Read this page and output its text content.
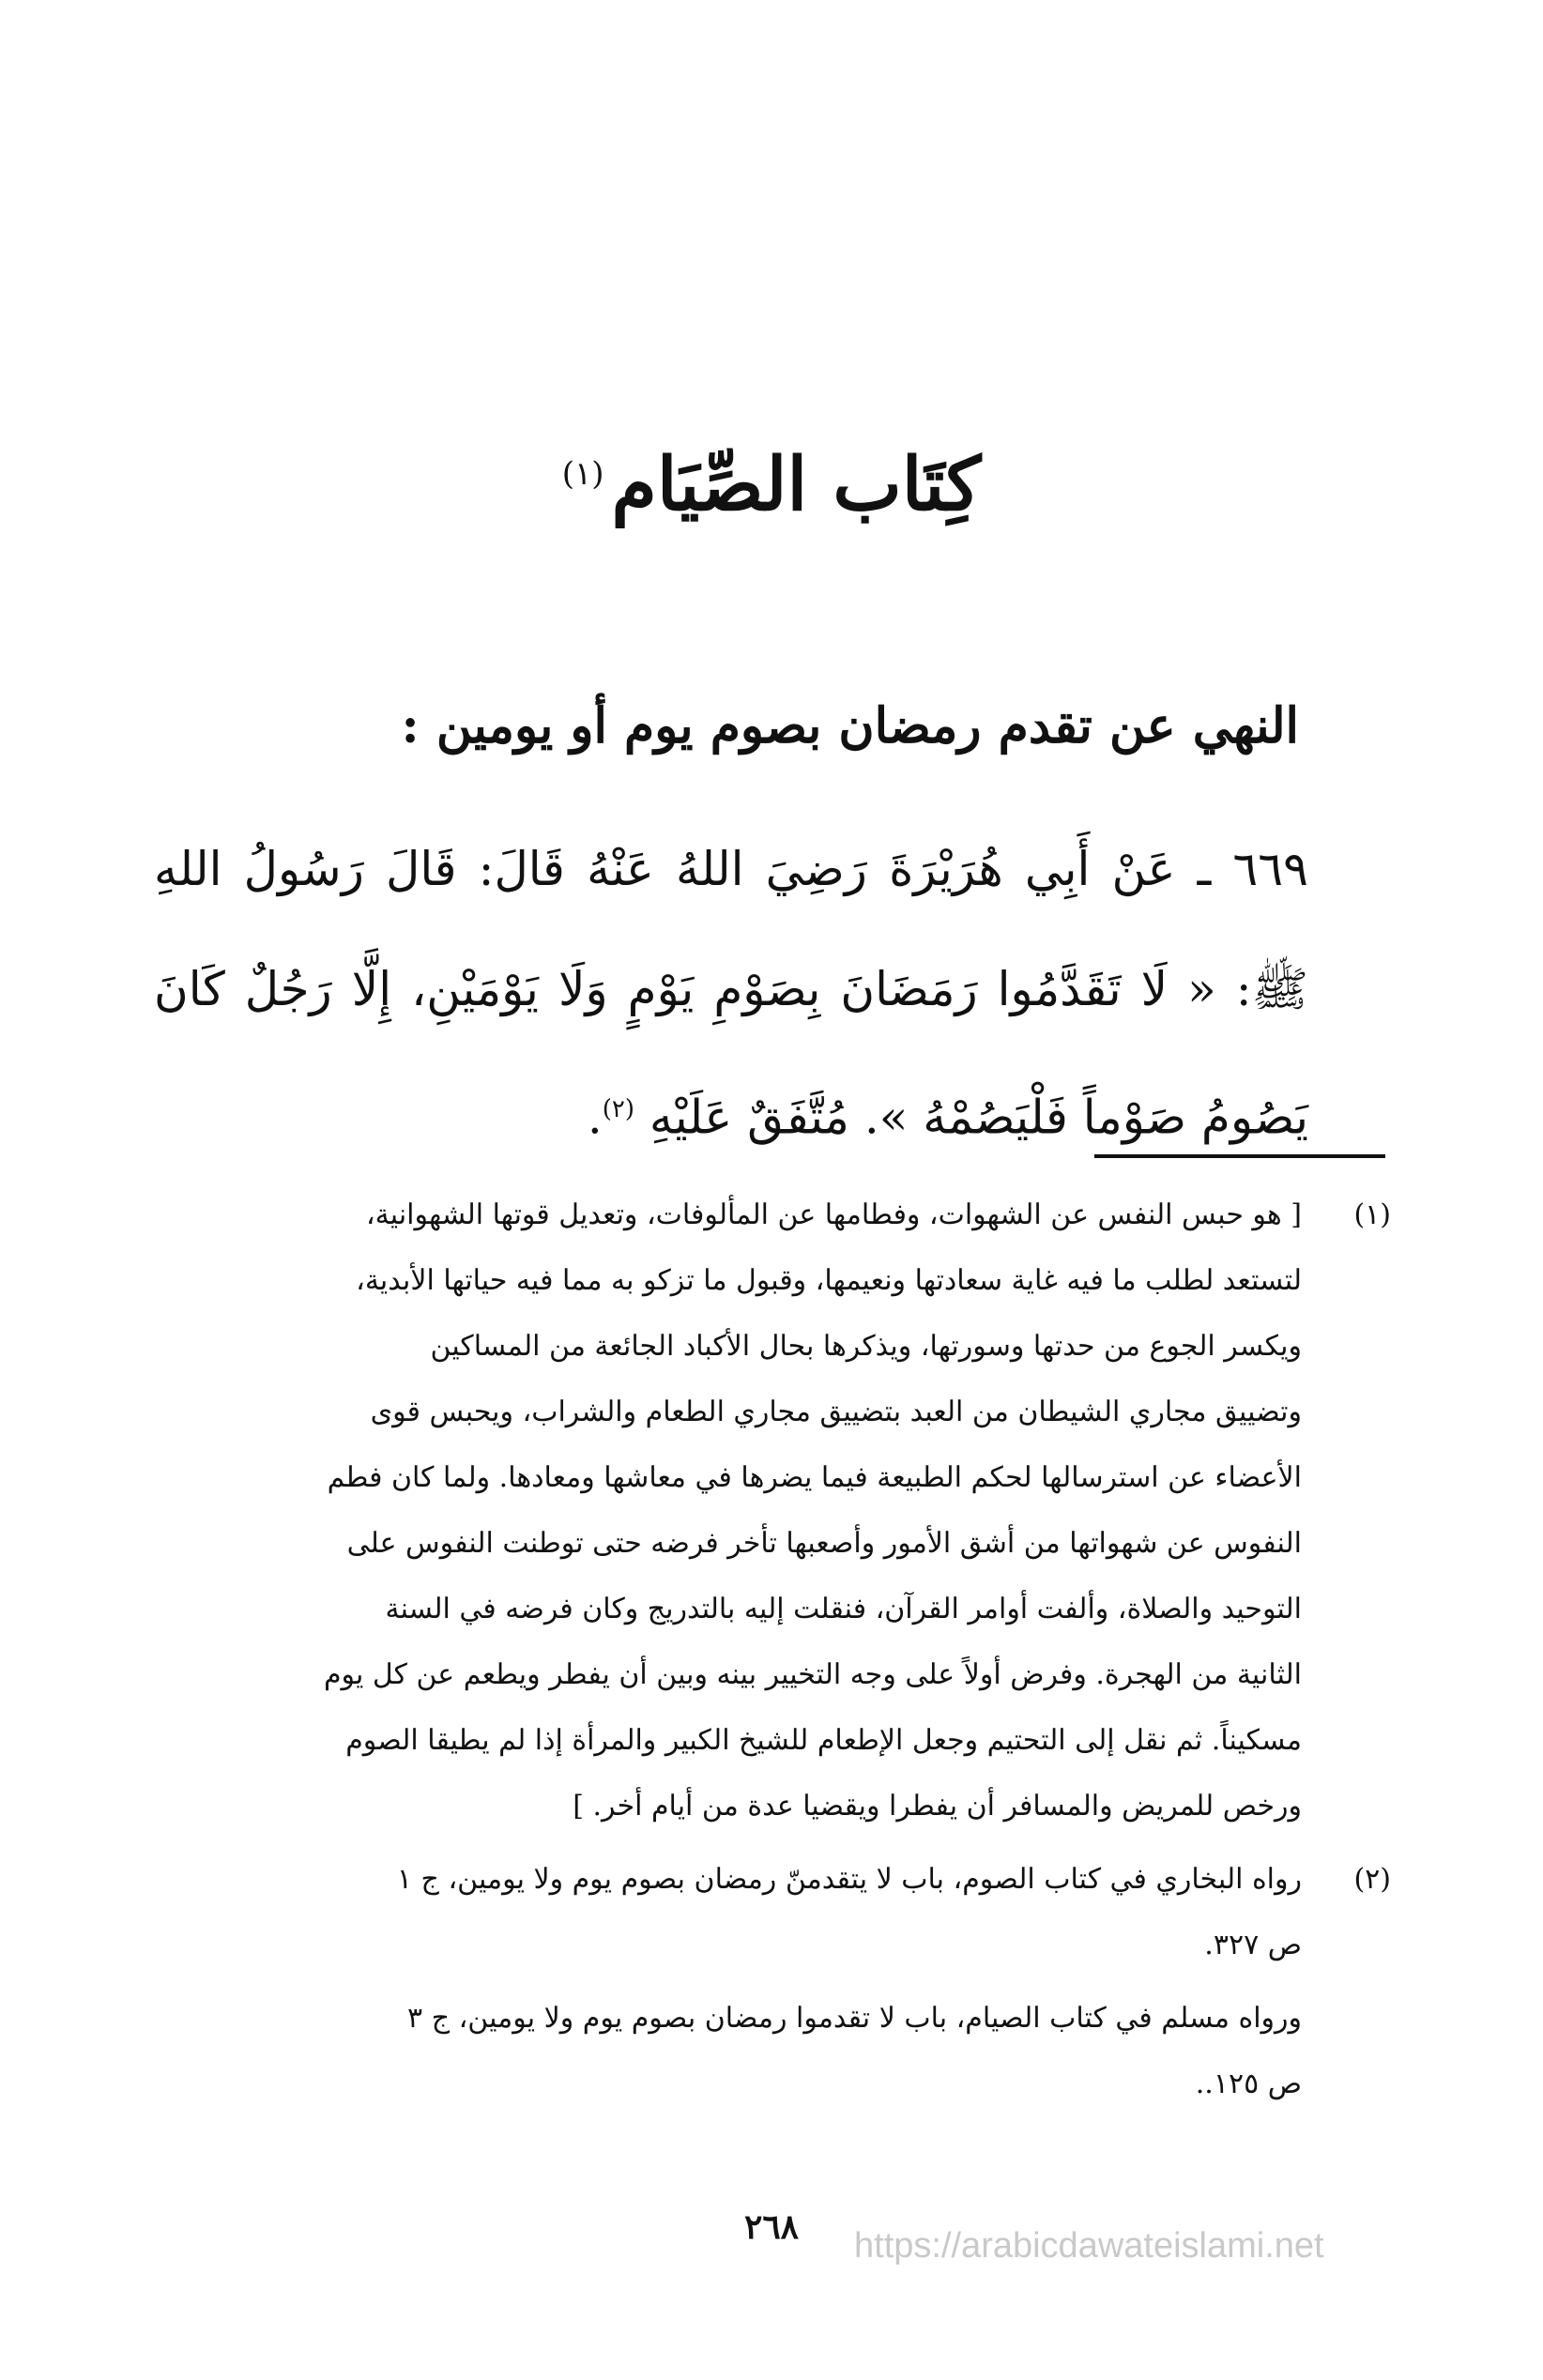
كِتَاب الصِّيَام$^{(١)}$
النهي عن تقدم رمضان بصوم يوم أو يومين :

٦٦٩ ـ عَنْ أَبِي هُرَيْرَةَ رَضِيَ اللهُ عَنْهُ قَالَ: قَالَ رَسُولُ اللهِ ﷺ: « لَا تَقَدَّمُوا رَمَضَانَ بِصَوْمِ يَوْمٍ وَلَا يَوْمَيْنِ، إِلَّا رَجُلٌ كَانَ يَصُومُ صَوْماً فَلْيَصُمْهُ ». مُتَّفَقٌ عَلَيْهِ $^{(٢)}$.

(١)
[ هو حبس النفس عن الشهوات، وفطامها عن المألوفات، وتعديل قوتها الشهوانية،
لتستعد لطلب ما فيه غاية سعادتها ونعيمها، وقبول ما تزكو به مما فيه حياتها الأبدية،
ويكسر الجوع من حدتها وسورتها، ويذكرها بحال الأكباد الجائعة من المساكين
وتضييق مجاري الشيطان من العبد بتضييق مجاري الطعام والشراب، ويحبس قوى
الأعضاء عن استرسالها لحكم الطبيعة فيما يضرها في معاشها ومعادها. ولما كان فطم
النفوس عن شهواتها من أشق الأمور وأصعبها تأخر فرضه حتى توطنت النفوس على
التوحيد والصلاة، وألفت أوامر القرآن، فنقلت إليه بالتدريج وكان فرضه في السنة
الثانية من الهجرة. وفرض أولاً على وجه التخيير بينه وبين أن يفطر ويطعم عن كل يوم
مسكيناً. ثم نقل إلى التحتيم وجعل الإطعام للشيخ الكبير والمرأة إذا لم يطيقا الصوم
ورخص للمريض والمسافر أن يفطرا ويقضيا عدة من أيام أخر. ]
(٢)
رواه البخاري في كتاب الصوم، باب لا يتقدمنّ رمضان بصوم يوم ولا يومين، ج ١
ص ٣٢٧.
ورواه مسلم في كتاب الصيام، باب لا تقدموا رمضان بصوم يوم ولا يومين، ج ٣
ص ١٢٥..
٢٦٨	https://arabicdawateislami.net
